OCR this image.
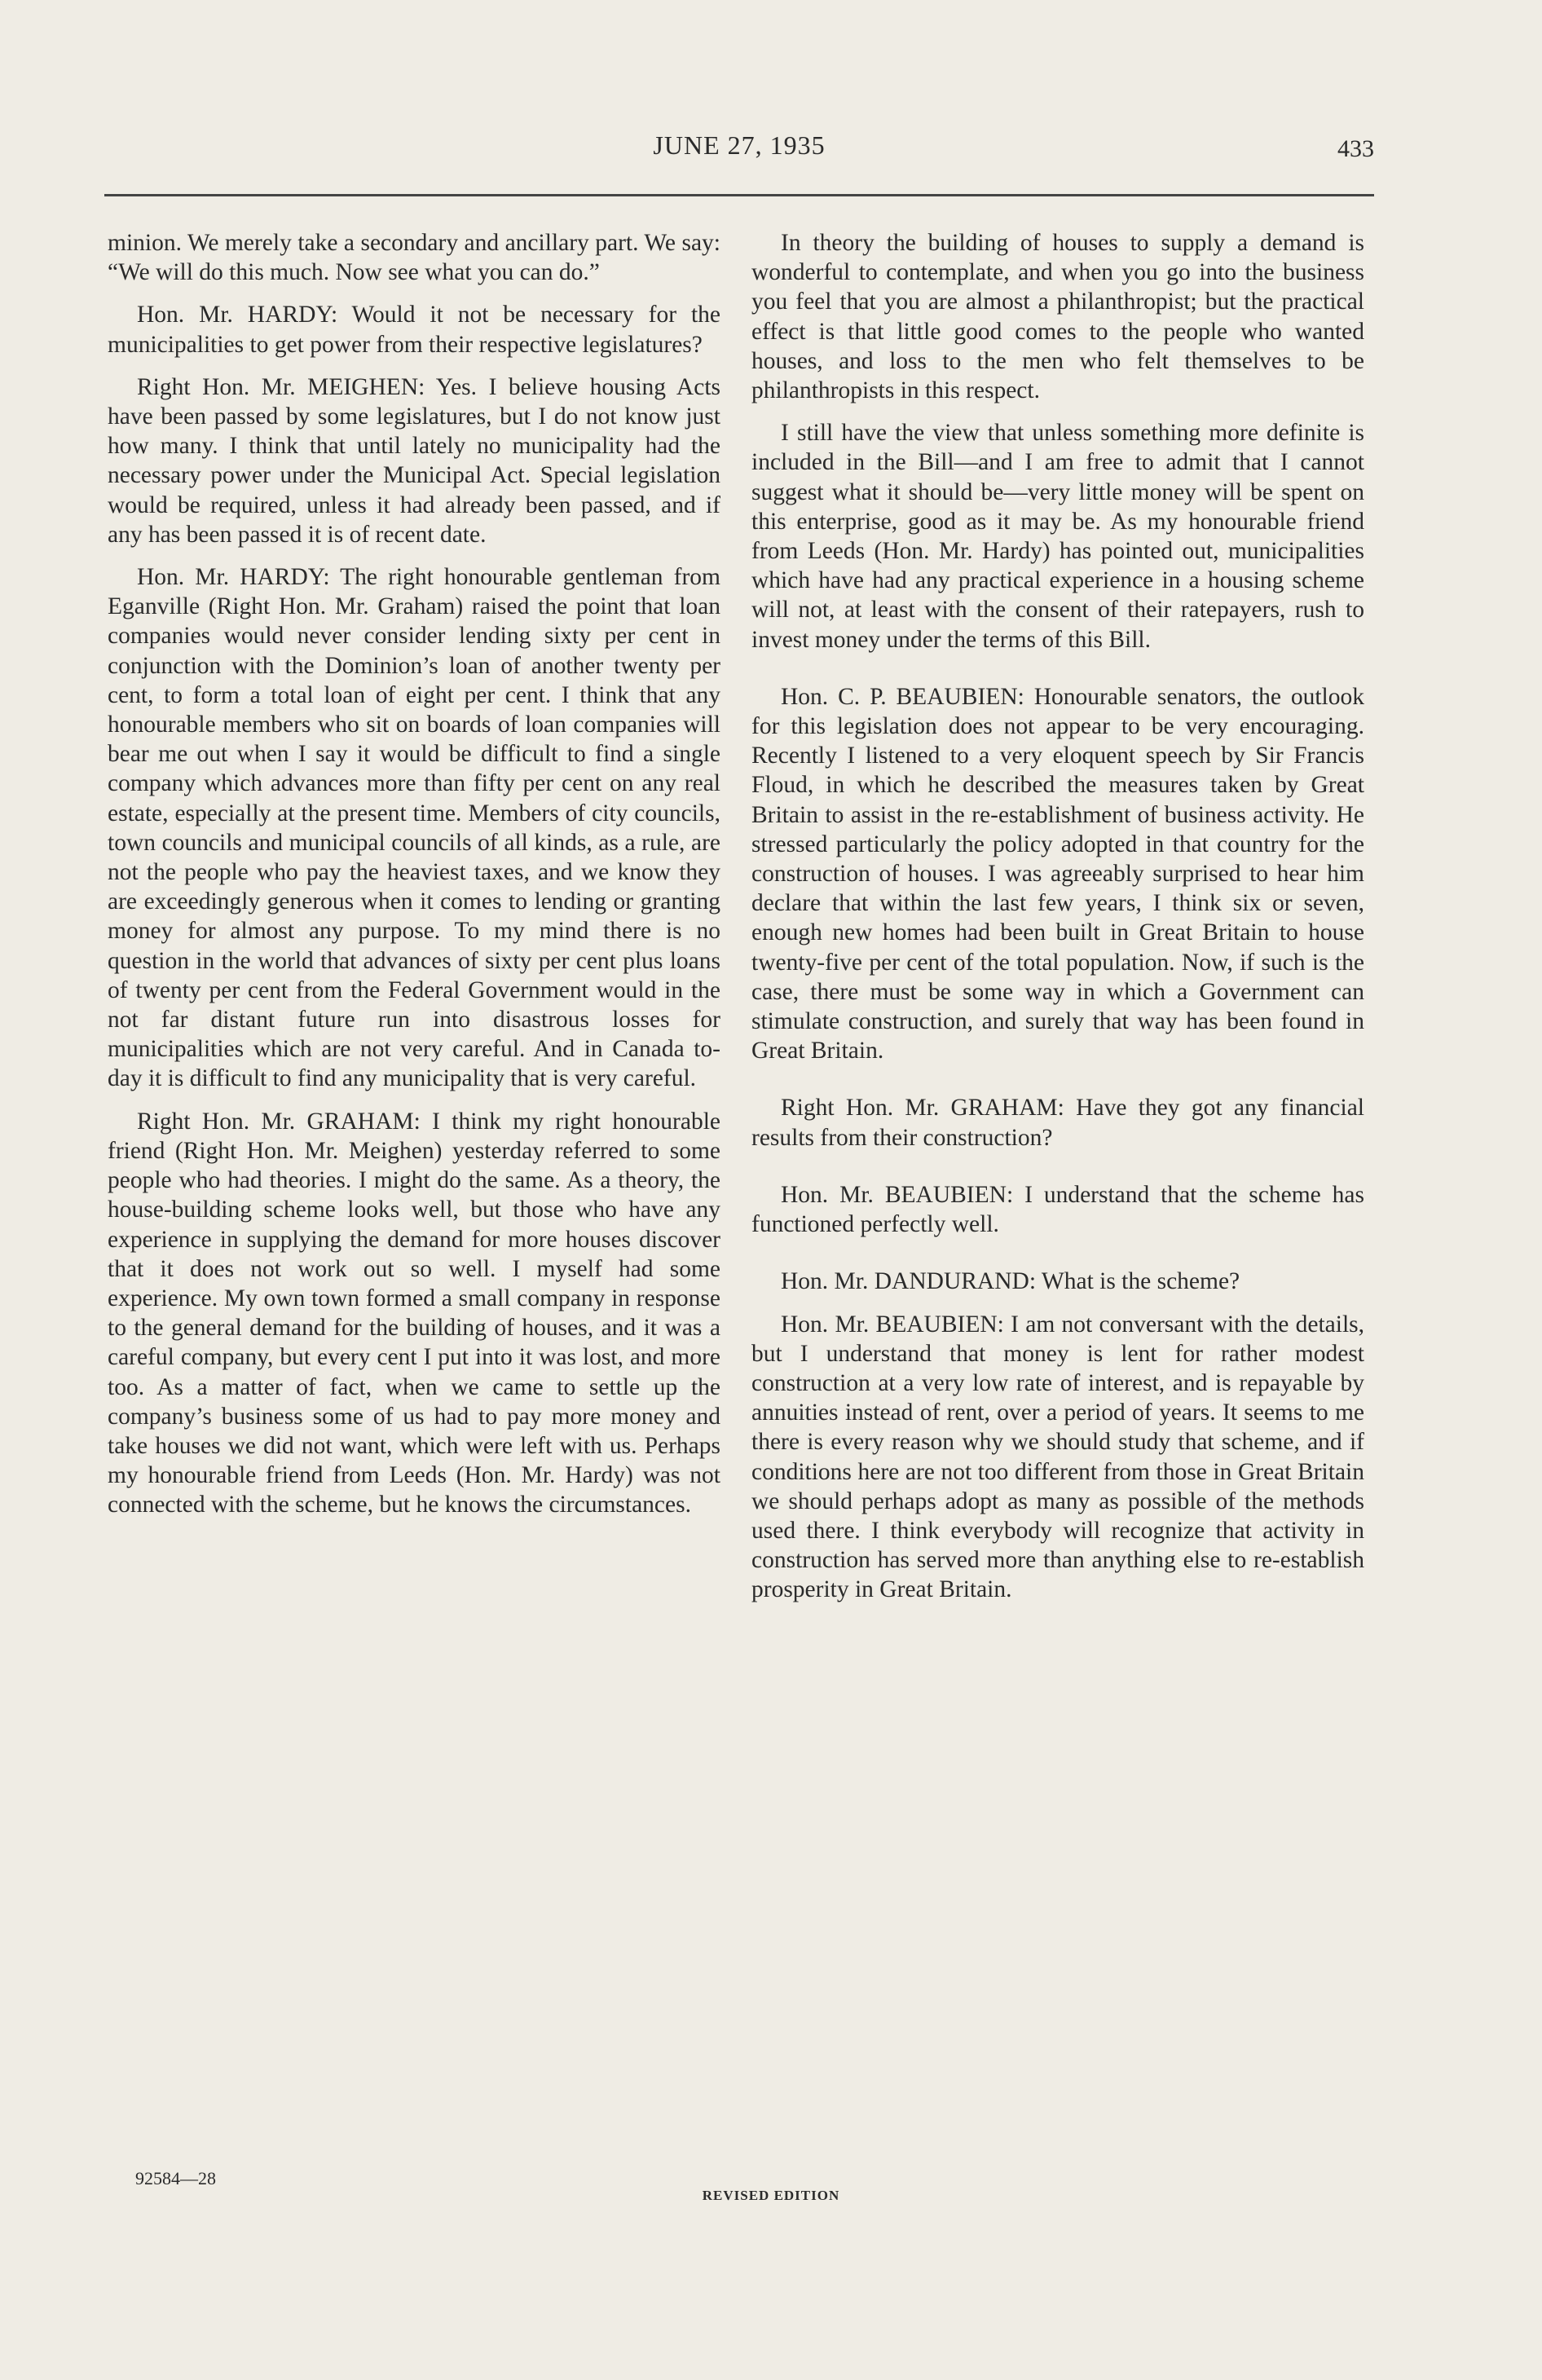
JUNE 27, 1935	433

minion. We merely take a secondary and ancillary part. We say: “We will do this much. Now see what you can do.”

Hon. Mr. HARDY: Would it not be necessary for the municipalities to get power from their respective legislatures?

Right Hon. Mr. MEIGHEN: Yes. I believe housing Acts have been passed by some legislatures, but I do not know just how many. I think that until lately no municipality had the necessary power under the Municipal Act. Special legislation would be required, unless it had already been passed, and if any has been passed it is of recent date.

Hon. Mr. HARDY: The right honourable gentleman from Eganville (Right Hon. Mr. Graham) raised the point that loan companies would never consider lending sixty per cent in conjunction with the Dominion’s loan of another twenty per cent, to form a total loan of eight per cent. I think that any honourable members who sit on boards of loan companies will bear me out when I say it would be difficult to find a single company which advances more than fifty per cent on any real estate, especially at the present time. Members of city councils, town councils and municipal councils of all kinds, as a rule, are not the people who pay the heaviest taxes, and we know they are exceedingly generous when it comes to lending or granting money for almost any purpose. To my mind there is no question in the world that advances of sixty per cent plus loans of twenty per cent from the Federal Government would in the not far distant future run into disastrous losses for municipalities which are not very careful. And in Canada to-day it is difficult to find any municipality that is very careful.

Right Hon. Mr. GRAHAM: I think my right honourable friend (Right Hon. Mr. Meighen) yesterday referred to some people who had theories. I might do the same. As a theory, the house-building scheme looks well, but those who have any experience in supplying the demand for more houses discover that it does not work out so well. I myself had some experience. My own town formed a small company in response to the general demand for the building of houses, and it was a careful company, but every cent I put into it was lost, and more too. As a matter of fact, when we came to settle up the company’s business some of us had to pay more money and take houses we did not want, which were left with us. Perhaps my honourable friend from Leeds (Hon. Mr. Hardy) was not connected with the scheme, but he knows the circumstances.

In theory the building of houses to supply a demand is wonderful to contemplate, and when you go into the business you feel that you are almost a philanthropist; but the practical effect is that little good comes to the people who wanted houses, and loss to the men who felt themselves to be philanthropists in this respect.

I still have the view that unless something more definite is included in the Bill—and I am free to admit that I cannot suggest what it should be—very little money will be spent on this enterprise, good as it may be. As my honourable friend from Leeds (Hon. Mr. Hardy) has pointed out, municipalities which have had any practical experience in a housing scheme will not, at least with the consent of their ratepayers, rush to invest money under the terms of this Bill.

Hon. C. P. BEAUBIEN: Honourable senators, the outlook for this legislation does not appear to be very encouraging. Recently I listened to a very eloquent speech by Sir Francis Floud, in which he described the measures taken by Great Britain to assist in the re-establishment of business activity. He stressed particularly the policy adopted in that country for the construction of houses. I was agreeably surprised to hear him declare that within the last few years, I think six or seven, enough new homes had been built in Great Britain to house twenty-five per cent of the total population. Now, if such is the case, there must be some way in which a Government can stimulate construction, and surely that way has been found in Great Britain.

Right Hon. Mr. GRAHAM: Have they got any financial results from their construction?

Hon. Mr. BEAUBIEN: I understand that the scheme has functioned perfectly well.

Hon. Mr. DANDURAND: What is the scheme?

Hon. Mr. BEAUBIEN: I am not conversant with the details, but I understand that money is lent for rather modest construction at a very low rate of interest, and is repayable by annuities instead of rent, over a period of years. It seems to me there is every reason why we should study that scheme, and if conditions here are not too different from those in Great Britain we should perhaps adopt as many as possible of the methods used there. I think everybody will recognize that activity in construction has served more than anything else to re-establish prosperity in Great Britain.

92584—28
REVISED EDITION
